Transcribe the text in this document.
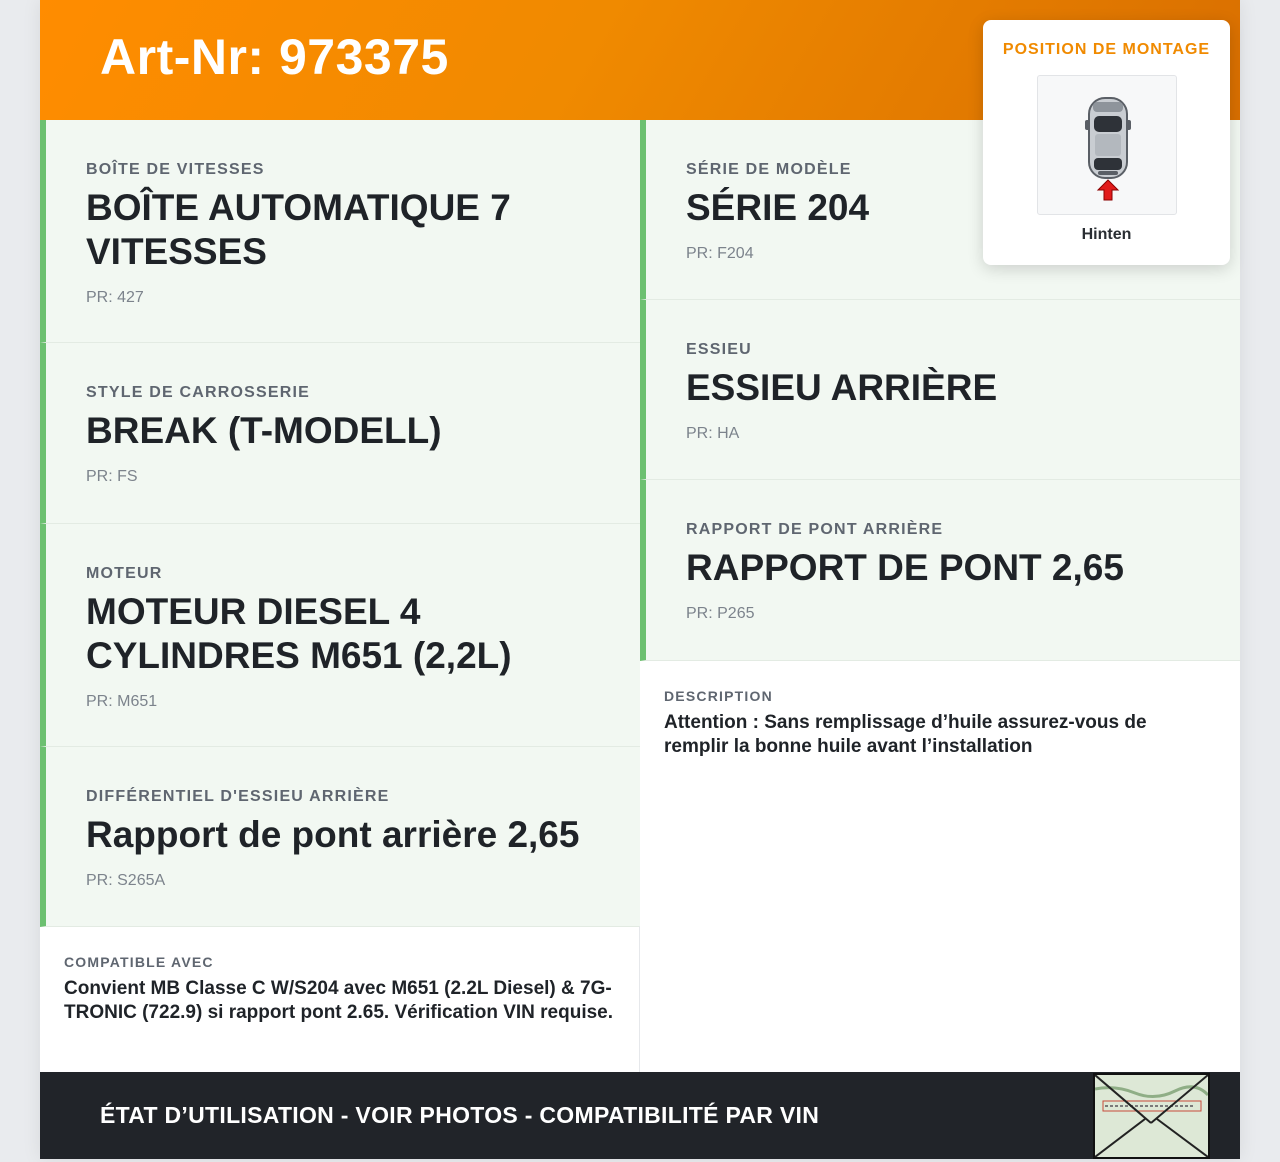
Art-Nr: 973375
BOÎTE DE VITESSES
BOÎTE AUTOMATIQUE 7 VITESSES
PR: 427
STYLE DE CARROSSERIE
BREAK (T-MODELL)
PR: FS
MOTEUR
MOTEUR DIESEL 4 CYLINDRES M651 (2,2L)
PR: M651
DIFFÉRENTIEL D'ESSIEU ARRIÈRE
Rapport de pont arrière 2,65
PR: S265A
COMPATIBLE AVEC
Convient MB Classe C W/S204 avec M651 (2.2L Diesel) & 7G-TRONIC (722.9) si rapport pont 2.65. Vérification VIN requise.
SÉRIE DE MODÈLE
SÉRIE 204
PR: F204
ESSIEU
ESSIEU ARRIÈRE
PR: HA
RAPPORT DE PONT ARRIÈRE
RAPPORT DE PONT 2,65
PR: P265
DESCRIPTION
Attention : Sans remplissage d’huile assurez-vous de remplir la bonne huile avant l’installation
POSITION DE MONTAGE
Hinten
ÉTAT D’UTILISATION - VOIR PHOTOS - COMPATIBILITÉ PAR VIN
